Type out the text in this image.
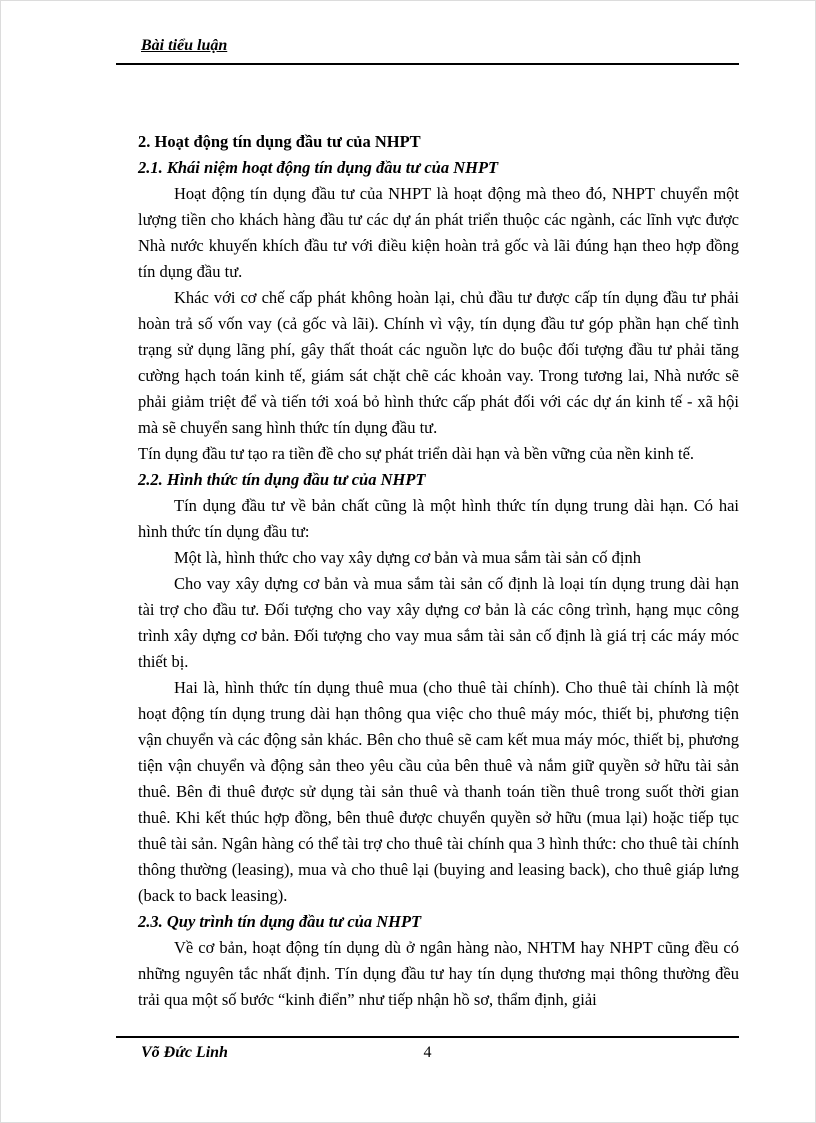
Bài tiểu luận

2. Hoạt động tín dụng đầu tư của NHPT

2.1. Khái niệm hoạt động tín dụng đầu tư của NHPT

Hoạt động tín dụng đầu tư của NHPT là hoạt động mà theo đó, NHPT chuyển một lượng tiền cho khách hàng đầu tư các dự án phát triển thuộc các ngành, các lĩnh vực được Nhà nước khuyến khích đầu tư với điều kiện hoàn trả gốc và lãi đúng hạn theo hợp đồng tín dụng đầu tư.

Khác với cơ chế cấp phát không hoàn lại, chủ đầu tư được cấp tín dụng đầu tư phải hoàn trả số vốn vay (cả gốc và lãi). Chính vì vậy, tín dụng đầu tư góp phần hạn chế tình trạng sử dụng lãng phí, gây thất thoát các nguồn lực do buộc đối tượng đầu tư phải tăng cường hạch toán kinh tế, giám sát chặt chẽ các khoản vay. Trong tương lai, Nhà nước sẽ phải giảm triệt để và tiến tới xoá bỏ hình thức cấp phát đối với các dự án kinh tế - xã hội mà sẽ chuyển sang hình thức tín dụng đầu tư.

Tín dụng đầu tư tạo ra tiền đề cho sự phát triển dài hạn và bền vững của nền kinh tế.

2.2. Hình thức tín dụng đầu tư của NHPT

Tín dụng đầu tư về bản chất cũng là một hình thức tín dụng trung dài hạn. Có hai hình thức tín dụng đầu tư:

Một là, hình thức cho vay xây dựng cơ bản và mua sắm tài sản cố định

Cho vay xây dựng cơ bản và mua sắm tài sản cố định là loại tín dụng trung dài hạn tài trợ cho đầu tư. Đối tượng cho vay xây dựng cơ bản là các công trình, hạng mục công trình xây dựng cơ bản. Đối tượng cho vay mua sắm tài sản cố định là giá trị các máy móc thiết bị.

Hai là, hình thức tín dụng thuê mua (cho thuê tài chính). Cho thuê tài chính là một hoạt động tín dụng trung dài hạn thông qua việc cho thuê máy móc, thiết bị, phương tiện vận chuyển và các động sản khác. Bên cho thuê sẽ cam kết mua máy móc, thiết bị, phương tiện vận chuyển và động sản theo yêu cầu của bên thuê và nắm giữ quyền sở hữu tài sản thuê. Bên đi thuê được sử dụng tài sản thuê và thanh toán tiền thuê trong suốt thời gian thuê. Khi kết thúc hợp đồng, bên thuê được chuyển quyền sở hữu (mua lại) hoặc tiếp tục thuê tài sản. Ngân hàng có thể tài trợ cho thuê tài chính qua 3 hình thức: cho thuê tài chính thông thường (leasing), mua và cho thuê lại (buying and leasing back), cho thuê giáp lưng (back to back leasing).

2.3. Quy trình tín dụng đầu tư của NHPT

Về cơ bản, hoạt động tín dụng dù ở ngân hàng nào, NHTM hay NHPT cũng đều có những nguyên tắc nhất định. Tín dụng đầu tư hay tín dụng thương mại thông thường đều trải qua một số bước “kinh điển” như tiếp nhận hồ sơ, thẩm định, giải

Võ Đức Linh	4
